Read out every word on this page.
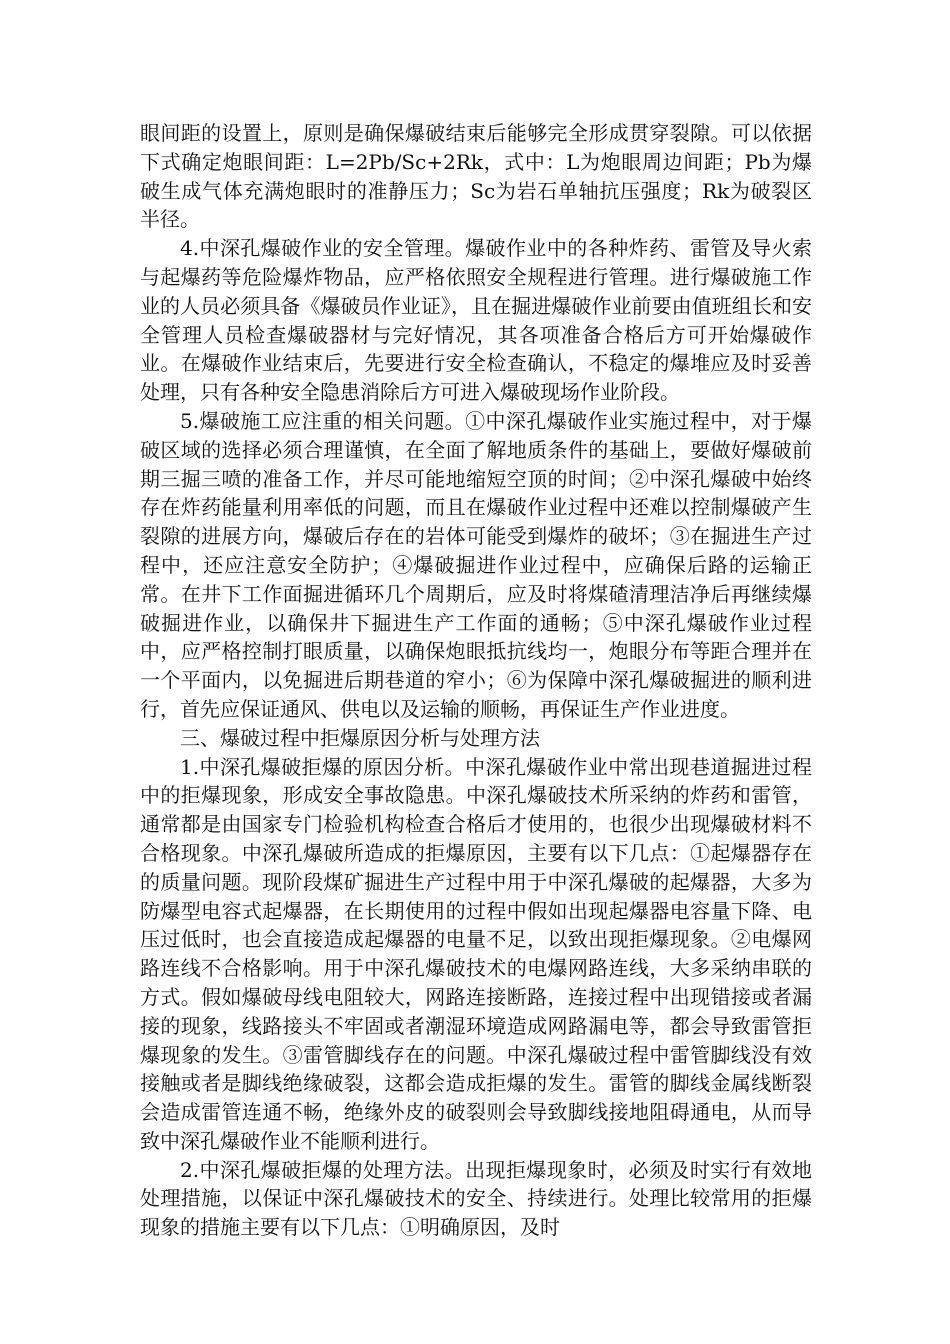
眼间距的设置上，原则是确保爆破结束后能够完全形成贯穿裂隙。可以依据下式确定炮眼间距：L=2Pb/Sc+2Rk，式中：L为炮眼周边间距；Pb为爆破生成气体充满炮眼时的准静压力；Sc为岩石单轴抗压强度；Rk为破裂区半径。

4.中深孔爆破作业的安全管理。爆破作业中的各种炸药、雷管及导火索与起爆药等危险爆炸物品，应严格依照安全规程进行管理。进行爆破施工作业的人员必须具备《爆破员作业证》，且在掘进爆破作业前要由值班组长和安全管理人员检查爆破器材与完好情况，其各项准备合格后方可开始爆破作业。在爆破作业结束后，先要进行安全检查确认，不稳定的爆堆应及时妥善处理，只有各种安全隐患消除后方可进入爆破现场作业阶段。

5.爆破施工应注重的相关问题。①中深孔爆破作业实施过程中，对于爆破区域的选择必须合理谨慎，在全面了解地质条件的基础上，要做好爆破前期三掘三喷的准备工作，并尽可能地缩短空顶的时间；②中深孔爆破中始终存在炸药能量利用率低的问题，而且在爆破作业过程中还难以控制爆破产生裂隙的进展方向，爆破后存在的岩体可能受到爆炸的破坏；③在掘进生产过程中，还应注意安全防护；④爆破掘进作业过程中，应确保后路的运输正常。在井下工作面掘进循环几个周期后，应及时将煤碴清理洁净后再继续爆破掘进作业，以确保井下掘进生产工作面的通畅；⑤中深孔爆破作业过程中，应严格控制打眼质量，以确保炮眼抵抗线均一，炮眼分布等距合理并在一个平面内，以免掘进后期巷道的窄小；⑥为保障中深孔爆破掘进的顺利进行，首先应保证通风、供电以及运输的顺畅，再保证生产作业进度。

三、爆破过程中拒爆原因分析与处理方法

1.中深孔爆破拒爆的原因分析。中深孔爆破作业中常出现巷道掘进过程中的拒爆现象，形成安全事故隐患。中深孔爆破技术所采纳的炸药和雷管，通常都是由国家专门检验机构检查合格后才使用的，也很少出现爆破材料不合格现象。中深孔爆破所造成的拒爆原因，主要有以下几点：①起爆器存在的质量问题。现阶段煤矿掘进生产过程中用于中深孔爆破的起爆器，大多为防爆型电容式起爆器，在长期使用的过程中假如出现起爆器电容量下降、电压过低时，也会直接造成起爆器的电量不足，以致出现拒爆现象。②电爆网路连线不合格影响。用于中深孔爆破技术的电爆网路连线，大多采纳串联的方式。假如爆破母线电阻较大，网路连接断路，连接过程中出现错接或者漏接的现象，线路接头不牢固或者潮湿环境造成网路漏电等，都会导致雷管拒爆现象的发生。③雷管脚线存在的问题。中深孔爆破过程中雷管脚线没有效接触或者是脚线绝缘破裂，这都会造成拒爆的发生。雷管的脚线金属线断裂会造成雷管连通不畅，绝缘外皮的破裂则会导致脚线接地阻碍通电，从而导致中深孔爆破作业不能顺利进行。

2.中深孔爆破拒爆的处理方法。出现拒爆现象时，必须及时实行有效地处理措施，以保证中深孔爆破技术的安全、持续进行。处理比较常用的拒爆现象的措施主要有以下几点：①明确原因，及时
